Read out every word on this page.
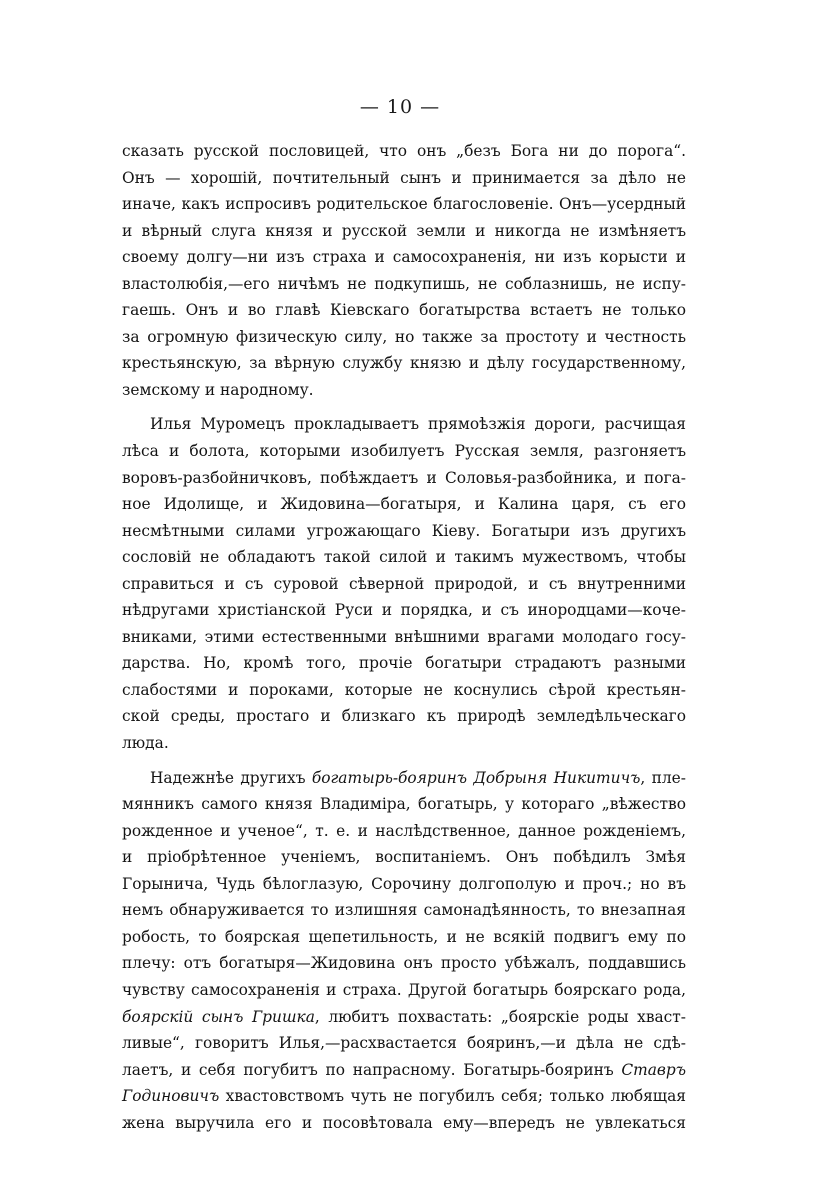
— 10 —
сказать русской пословицей, что онъ „безъ Бога ни до порога“.
Онъ — хорошій, почтительный сынъ и принимается за дѣло не
иначе, какъ испросивъ родительское благословеніе. Онъ—усердный
и вѣрный слуга князя и русской земли и никогда не измѣняетъ
своему долгу—ни изъ страха и самосохраненія, ни изъ корысти и
властолюбія,—его ничѣмъ не подкупишь, не соблазнишь, не испу-
гаешь. Онъ и во главѣ Кіевскаго богатырства встаетъ не только
за огромную физическую силу, но также за простоту и честность
крестьянскую, за вѣрную службу князю и дѣлу государственному,
земскому и народному.
Илья Муромецъ прокладываетъ прямоѣзжія дороги, расчищая
лѣса и болота, которыми изобилуетъ Русская земля, разгоняетъ
воровъ-разбойничковъ, побѣждаетъ и Соловья-разбойника, и пога-
ное Идолище, и Жидовина—богатыря, и Калина царя, съ его
несмѣтными силами угрожающаго Кіеву. Богатыри изъ другихъ
сословій не обладаютъ такой силой и такимъ мужествомъ, чтобы
справиться и съ суровой сѣверной природой, и съ внутренними
нѣдругами христіанской Руси и порядка, и съ инородцами—коче-
вниками, этими естественными внѣшними врагами молодаго госу-
дарства. Но, кромѣ того, прочіе богатыри страдаютъ разными
слабостями и пороками, которые не коснулись сѣрой крестьян-
ской среды, простаго и близкаго къ природѣ земледѣльческаго
люда.
Надежнѣе другихъ богатырь-бояринъ Добрыня Никитичъ, пле-
мянникъ самого князя Владиміра, богатырь, у котораго „вѣжество
рожденное и ученое“, т. е. и наслѣдственное, данное рожденіемъ,
и пріобрѣтенное ученіемъ, воспитаніемъ. Онъ побѣдилъ Змѣя
Горынича, Чудь бѣлоглазую, Сорочину долгополую и проч.; но въ
немъ обнаруживается то излишняя самонадѣянность, то внезапная
робость, то боярская щепетильность, и не всякій подвигъ ему по
плечу: отъ богатыря—Жидовина онъ просто убѣжалъ, поддавшись
чувству самосохраненія и страха. Другой богатырь боярскаго рода,
боярскій сынъ Гришка, любитъ похвастать: „боярскіе роды хваст-
ливые“, говоритъ Илья,—расхвастается бояринъ,—и дѣла не сдѣ-
лаетъ, и себя погубитъ по напрасному. Богатырь-бояринъ Ставръ
Годиновичъ хвастовствомъ чуть не погубилъ себя; только любящая
жена выручила его и посовѣтовала ему—впередъ не увлекаться
